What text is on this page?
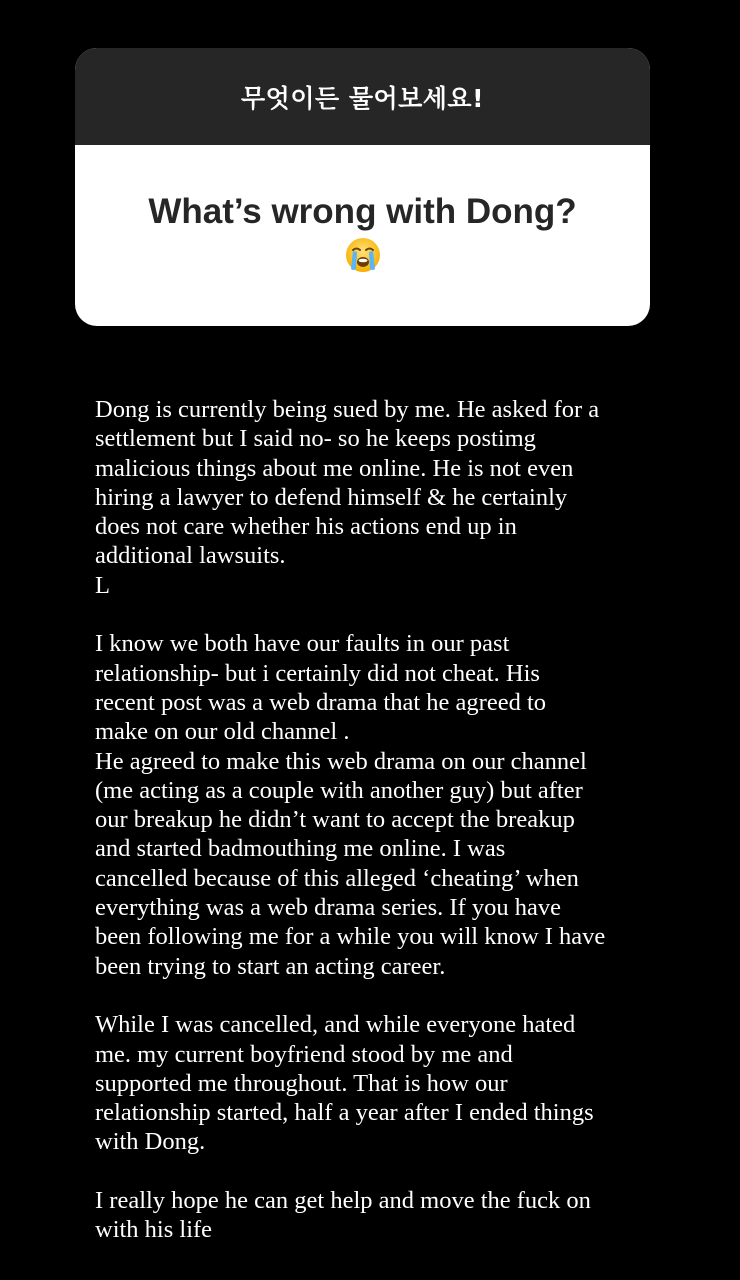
무엇이든 물어보세요!
What’s wrong with Dong?

Dong is currently being sued by me. He asked for a

settlement but I said no- so he keeps postimg

malicious things about me online. He is not even

hiring a lawyer to defend himself & he certainly

does not care whether his actions end up in

additional lawsuits.

L

I know we both have our faults in our past

relationship- but i certainly did not cheat. His

recent post was a web drama that he agreed to

make on our old channel .

He agreed to make this web drama on our channel

(me acting as a couple with another guy) but after

our breakup he didn’t want to accept the breakup

and started badmouthing me online. I was

cancelled because of this alleged ‘cheating’ when

everything was a web drama series. If you have

been following me for a while you will know I have

been trying to start an acting career.

While I was cancelled, and while everyone hated

me. my current boyfriend stood by me and

supported me throughout. That is how our

relationship started, half a year after I ended things

with Dong.

I really hope he can get help and move the fuck on

with his life
